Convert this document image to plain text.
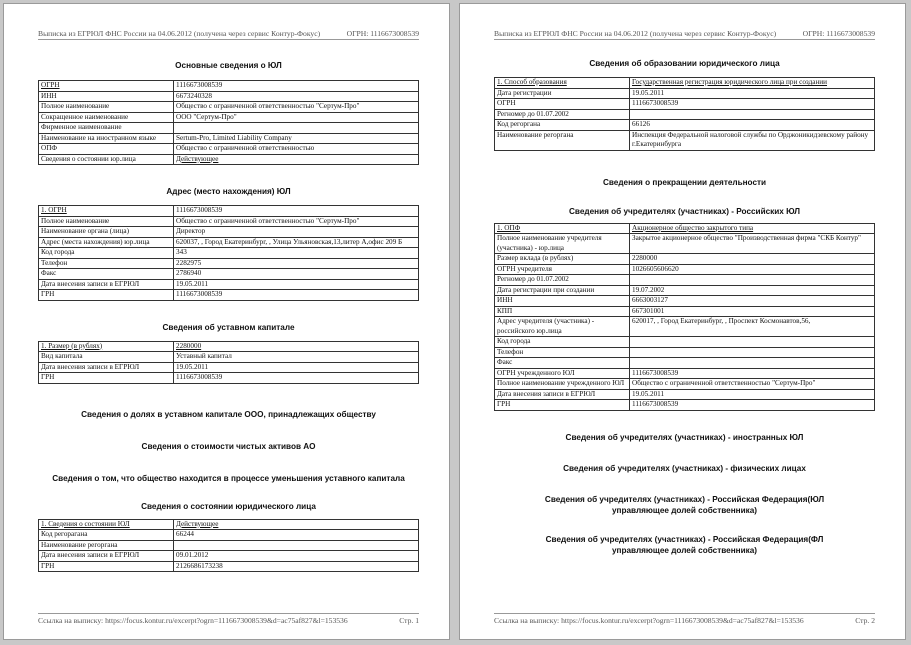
Выписка из ЕГРЮЛ ФНС России на 04.06.2012 (получена через сервис Контур-Фокус)	ОГРН: 1116673008539
Основные сведения о ЮЛ
ОГРН	1116673008539
ИНН	6673240328
Полное наименование	Общество с ограниченной ответственностью "Сертум-Про"
Сокращенное наименование	ООО "Сертум-Про"
Фирменное наименование	
Наименование на иностранном языке	Sertum-Pro, Limited Liability Company
ОПФ	Общество с ограниченной ответственностью
Сведения о состоянии юр.лица	Действующее
Адрес (место нахождения) ЮЛ
1. ОГРН	1116673008539
Полное наименование	Общество с ограниченной ответственностью "Сертум-Про"
Наименование органа (лица)	Директор
Адрес (места нахождения) юр.лица	620037, , Город Екатеринбург, , Улица Ульяновская,13,литер А,офис 209 Б
Код города	343
Телефон	2282975
Факс	2786940
Дата внесения записи в ЕГРЮЛ	19.05.2011
ГРН	1116673008539
Сведения об уставном капитале
1. Размер (в рублях)	2280000
Вид капитала	Уставный капитал
Дата внесения записи в ЕГРЮЛ	19.05.2011
ГРН	1116673008539
Сведения о долях в уставном капитале ООО, принадлежащих обществу
Сведения о стоимости чистых активов АО
Сведения о том, что общество находится в процессе уменьшения уставного капитала
Сведения о состоянии юридического лица
1. Сведения о состоянии ЮЛ	Действующее
Код регорагана	66244
Наименование регоргана	
Дата внесения записи в ЕГРЮЛ	09.01.2012
ГРН	2126686173238
Ссылка на выписку: https://focus.kontur.ru/excerpt?ogrn=1116673008539&d=ac75af827&l=153536	Стр. 1
Выписка из ЕГРЮЛ ФНС России на 04.06.2012 (получена через сервис Контур-Фокус)	ОГРН: 1116673008539
Сведения об образовании юридического лица
1. Способ образования	Государственная регистрация юридического лица при создании
Дата регистрации	19.05.2011
ОГРН	1116673008539
Регномер до 01.07.2002	
Код регоргана	66126
Наименование регоргана	Инспекция Федеральной налоговой службы по Орджоникидзевскому району г.Екатеринбурга
Сведения о прекращении деятельности
Сведения об учредителях (участниках) - Российских ЮЛ
1. ОПФ	Акционерное общество закрытого типа
Полное наименование учредителя (участника) - юр.лица	Закрытое акционерное общество "Производственная фирма "СКБ Контур"
Размер вклада (в рублях)	2280000
ОГРН учредителя	1026605606620
Регномер до 01.07.2002	
Дата регистрации при создании	19.07.2002
ИНН	6663003127
КПП	667301001
Адрес учредителя (участника) - российского юр.лица	620017, , Город Екатеринбург, , Проспект Космонавтов,56,
Код города	
Телефон	
Факс	
ОГРН учрежденного ЮЛ	1116673008539
Полное наименование учрежденного ЮЛ	Общество с ограниченной ответственностью "Сертум-Про"
Дата внесения записи в ЕГРЮЛ	19.05.2011
ГРН	1116673008539
Сведения об учредителях (участниках) - иностранных ЮЛ
Сведения об учредителях (участниках) - физических лицах
Сведения об учредителях (участниках) - Российская Федерация(ЮЛ управляющее долей собственника)
Сведения об учредителях (участниках) - Российская Федерация(ФЛ управляющее долей собственника)
Ссылка на выписку: https://focus.kontur.ru/excerpt?ogrn=1116673008539&d=ac75af827&l=153536	Стр. 2
